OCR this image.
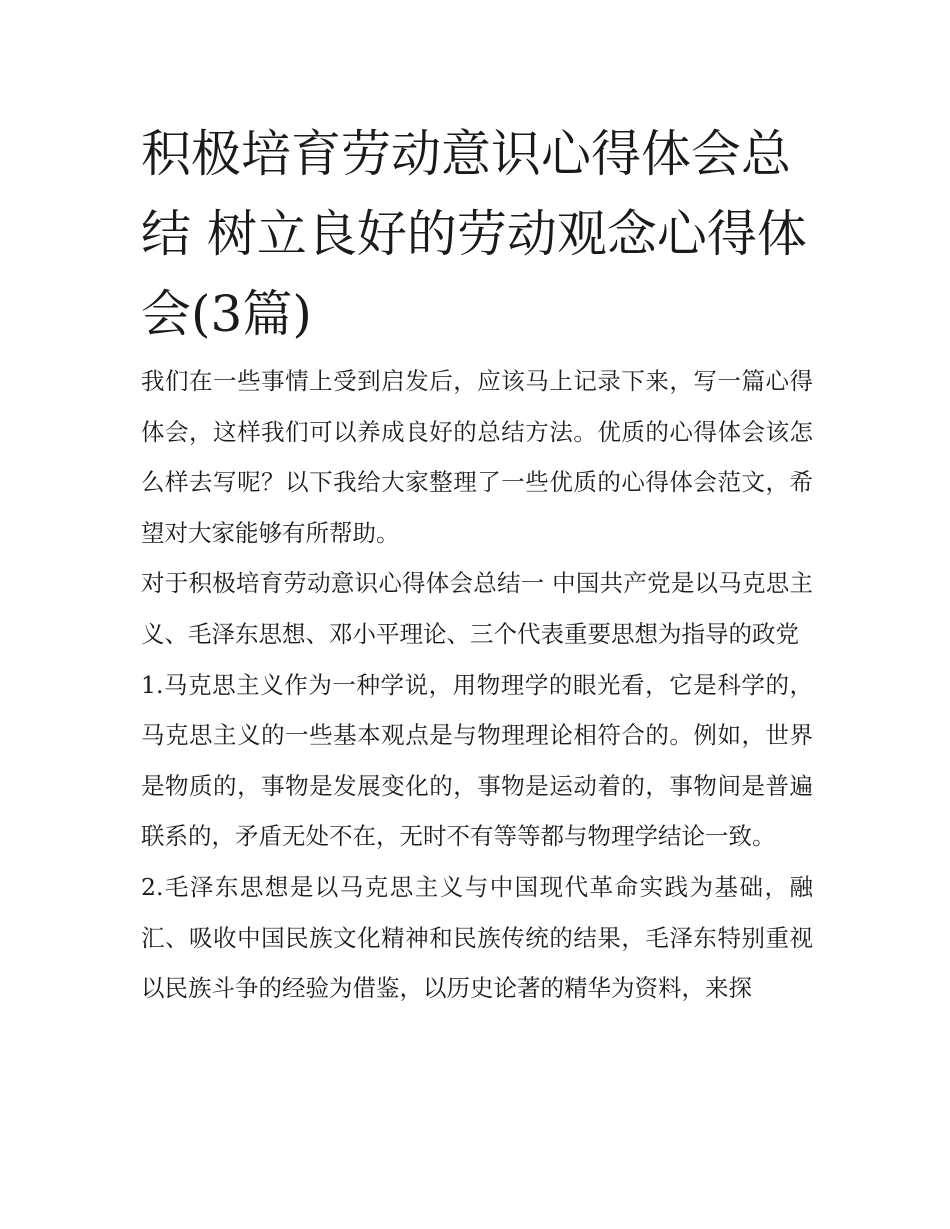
积极培育劳动意识心得体会总结 树立良好的劳动观念心得体会(3篇)

我们在一些事情上受到启发后，应该马上记录下来，写一篇心得体会，这样我们可以养成良好的总结方法。优质的心得体会该怎么样去写呢？以下我给大家整理了一些优质的心得体会范文，希望对大家能够有所帮助。

对于积极培育劳动意识心得体会总结一 中国共产党是以马克思主义、毛泽东思想、邓小平理论、三个代表重要思想为指导的政党

1.马克思主义作为一种学说，用物理学的眼光看，它是科学的，马克思主义的一些基本观点是与物理理论相符合的。例如，世界是物质的，事物是发展变化的，事物是运动着的，事物间是普遍联系的，矛盾无处不在，无时不有等等都与物理学结论一致。

2.毛泽东思想是以马克思主义与中国现代革命实践为基础，融汇、吸收中国民族文化精神和民族传统的结果，毛泽东特别重视以民族斗争的经验为借鉴，以历史论著的精华为资料，来探
